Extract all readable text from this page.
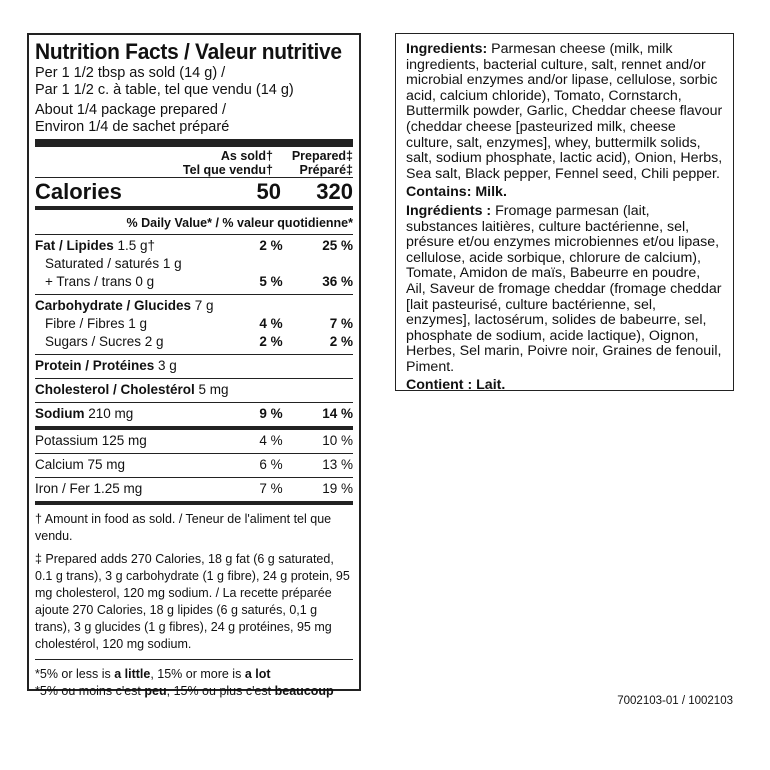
Nutrition Facts / Valeur nutritive
Per 1 1/2 tbsp as sold (14 g) /
Par 1 1/2 c. à table, tel que vendu (14 g)
About 1/4 package prepared /
Environ 1/4 de sachet préparé
As sold†
Tel que vendu†
Prepared‡
Préparé‡
Calories	50	320
% Daily Value* / % valeur quotidienne*
Fat / Lipides 1.5 g†	2 %	25 %
Saturated / saturés 1 g
+ Trans / trans 0 g	5 %	36 %
Carbohydrate / Glucides 7 g
Fibre / Fibres 1 g	4 %	7 %
Sugars / Sucres 2 g	2 %	2 %
Protein / Protéines 3 g
Cholesterol / Cholestérol 5 mg
Sodium 210 mg	9 %	14 %
Potassium 125 mg	4 %	10 %
Calcium 75 mg	6 %	13 %
Iron / Fer 1.25 mg	7 %	19 %

† Amount in food as sold. / Teneur de l'aliment tel que vendu.

‡ Prepared adds 270 Calories, 18 g fat (6 g saturated, 0.1 g trans), 3 g carbohydrate (1 g fibre), 24 g protein, 95 mg cholesterol, 120 mg sodium. / La recette préparée ajoute 270 Calories, 18 g lipides (6 g saturés, 0,1 g trans), 3 g glucides (1 g fibres), 24 g protéines, 95 mg cholestérol, 120 mg sodium.

*5% or less is a little, 15% or more is a lot

*5% ou moins c'est peu, 15% ou plus c'est beaucoup

Ingredients: Parmesan cheese (milk, milk ingredients, bacterial culture, salt, rennet and/or microbial enzymes and/or lipase, cellulose, sorbic acid, calcium chloride), Tomato, Cornstarch, Buttermilk powder, Garlic, Cheddar cheese flavour (cheddar cheese [pasteurized milk, cheese culture, salt, enzymes], whey, buttermilk solids, salt, sodium phosphate, lactic acid), Onion, Herbs, Sea salt, Black pepper, Fennel seed, Chili pepper.

Contains: Milk.

Ingrédients : Fromage parmesan (lait, substances laitières, culture bactérienne, sel, présure et/ou enzymes microbiennes et/ou lipase, cellulose, acide sorbique, chlorure de calcium), Tomate, Amidon de maïs, Babeurre en poudre, Ail, Saveur de fromage cheddar (fromage cheddar [lait pasteurisé, culture bactérienne, sel, enzymes], lactosérum, solides de babeurre, sel, phosphate de sodium, acide lactique), Oignon, Herbes, Sel marin, Poivre noir, Graines de fenouil, Piment.

Contient : Lait.

7002103-01 / 1002103
